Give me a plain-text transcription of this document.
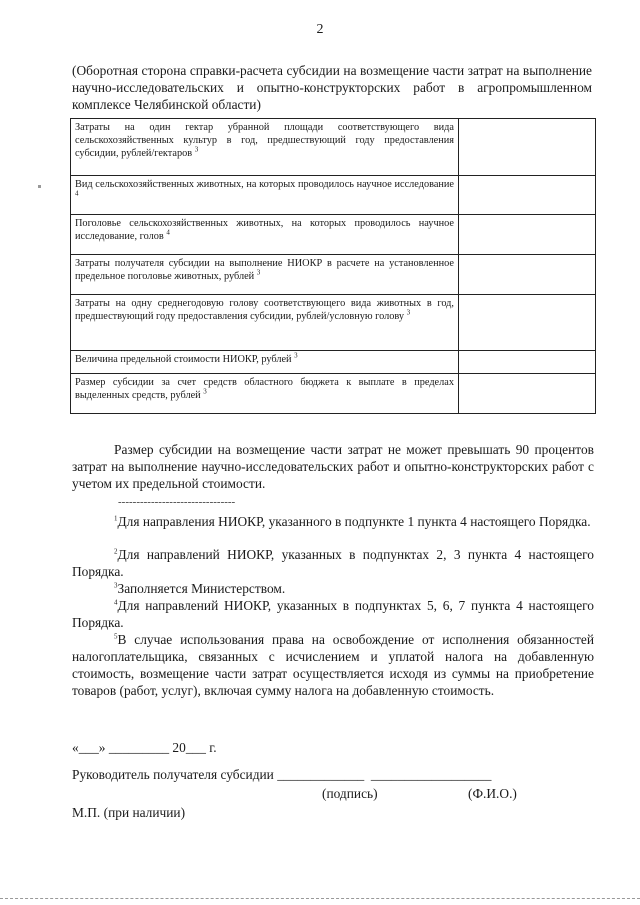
2
(Оборотная сторона справки-расчета субсидии на возмещение части затрат на выполнение научно-исследовательских и опытно-конструкторских работ в агропромышленном комплексе Челябинской области)
Затраты на один гектар убранной площади соответствующего вида сельскохозяйственных культур в год, предшествующий году предоставления субсидии, рублей/гектаров $^3$	
Вид сельскохозяйственных животных, на которых проводилось научное исследование $^4$	
Поголовье сельскохозяйственных животных, на которых проводилось научное исследование, голов $^4$	
Затраты получателя субсидии на выполнение НИОКР в расчете на установленное предельное поголовье животных, рублей $^3$	
Затраты на одну среднегодовую голову соответствующего вида животных в год, предшествующий году предоставления субсидии, рублей/условную голову $^3$	
Величина предельной стоимости НИОКР, рублей $^3$	
Размер субсидии за счет средств областного бюджета к выплате в пределах выделенных средств, рублей $^3$	
Размер субсидии на возмещение части затрат не может превышать 90 процентов затрат на выполнение научно-исследовательских работ и опытно-конструкторских работ с учетом их предельной стоимости.
--------------------------------
$^1$Для направления НИОКР, указанного в подпункте 1 пункта 4 настоящего Порядка.
$^2$Для направлений НИОКР, указанных в подпунктах 2, 3 пункта 4 настоящего Порядка.
$^3$Заполняется Министерством.
$^4$Для направлений НИОКР, указанных в подпунктах 5, 6, 7 пункта 4 настоящего Порядка.
$^5$В случае использования права на освобождение от исполнения обязанностей налогоплательщика, связанных с исчислением и уплатой налога на добавленную стоимость, возмещение части затрат осуществляется исходя из суммы на приобретение товаров (работ, услуг), включая сумму налога на добавленную стоимость.
«___» _________ 20___ г.
Руководитель получателя субсидии _____________  __________________
(подпись)	(Ф.И.О.)
М.П. (при наличии)
